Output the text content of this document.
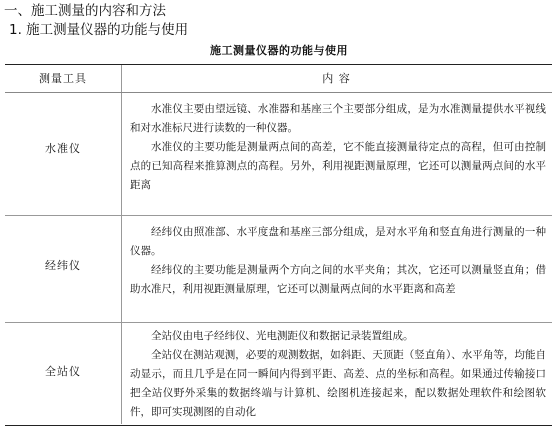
一、施工测量的内容和方法
1. 施工测量仪器的功能与使用
施工测量仪器的功能与使用
测量工具	内 容
水准仪

水准仪主要由望远镜、水准器和基座三个主要部分组成，是为水准测量提供水平视线和对水准标尺进行读数的一种仪器。

水准仪的主要功能是测量两点间的高差，它不能直接测量待定点的高程，但可由控制点的已知高程来推算测点的高程。另外，利用视距测量原理，它还可以测量两点间的水平距离

经纬仪

经纬仪由照准部、水平度盘和基座三部分组成，是对水平角和竖直角进行测量的一种仪器。

经纬仪的主要功能是测量两个方向之间的水平夹角；其次，它还可以测量竖直角；借助水准尺，利用视距测量原理，它还可以测量两点间的水平距离和高差

全站仪

全站仪由电子经纬仪、光电测距仪和数据记录装置组成。

全站仪在测站观测，必要的观测数据，如斜距、天顶距（竖直角）、水平角等，均能自动显示，而且几乎是在同一瞬间内得到平距、高差、点的坐标和高程。如果通过传输接口把全站仪野外采集的数据终端与计算机、绘图机连接起来，配以数据处理软件和绘图软件，即可实现测图的自动化
